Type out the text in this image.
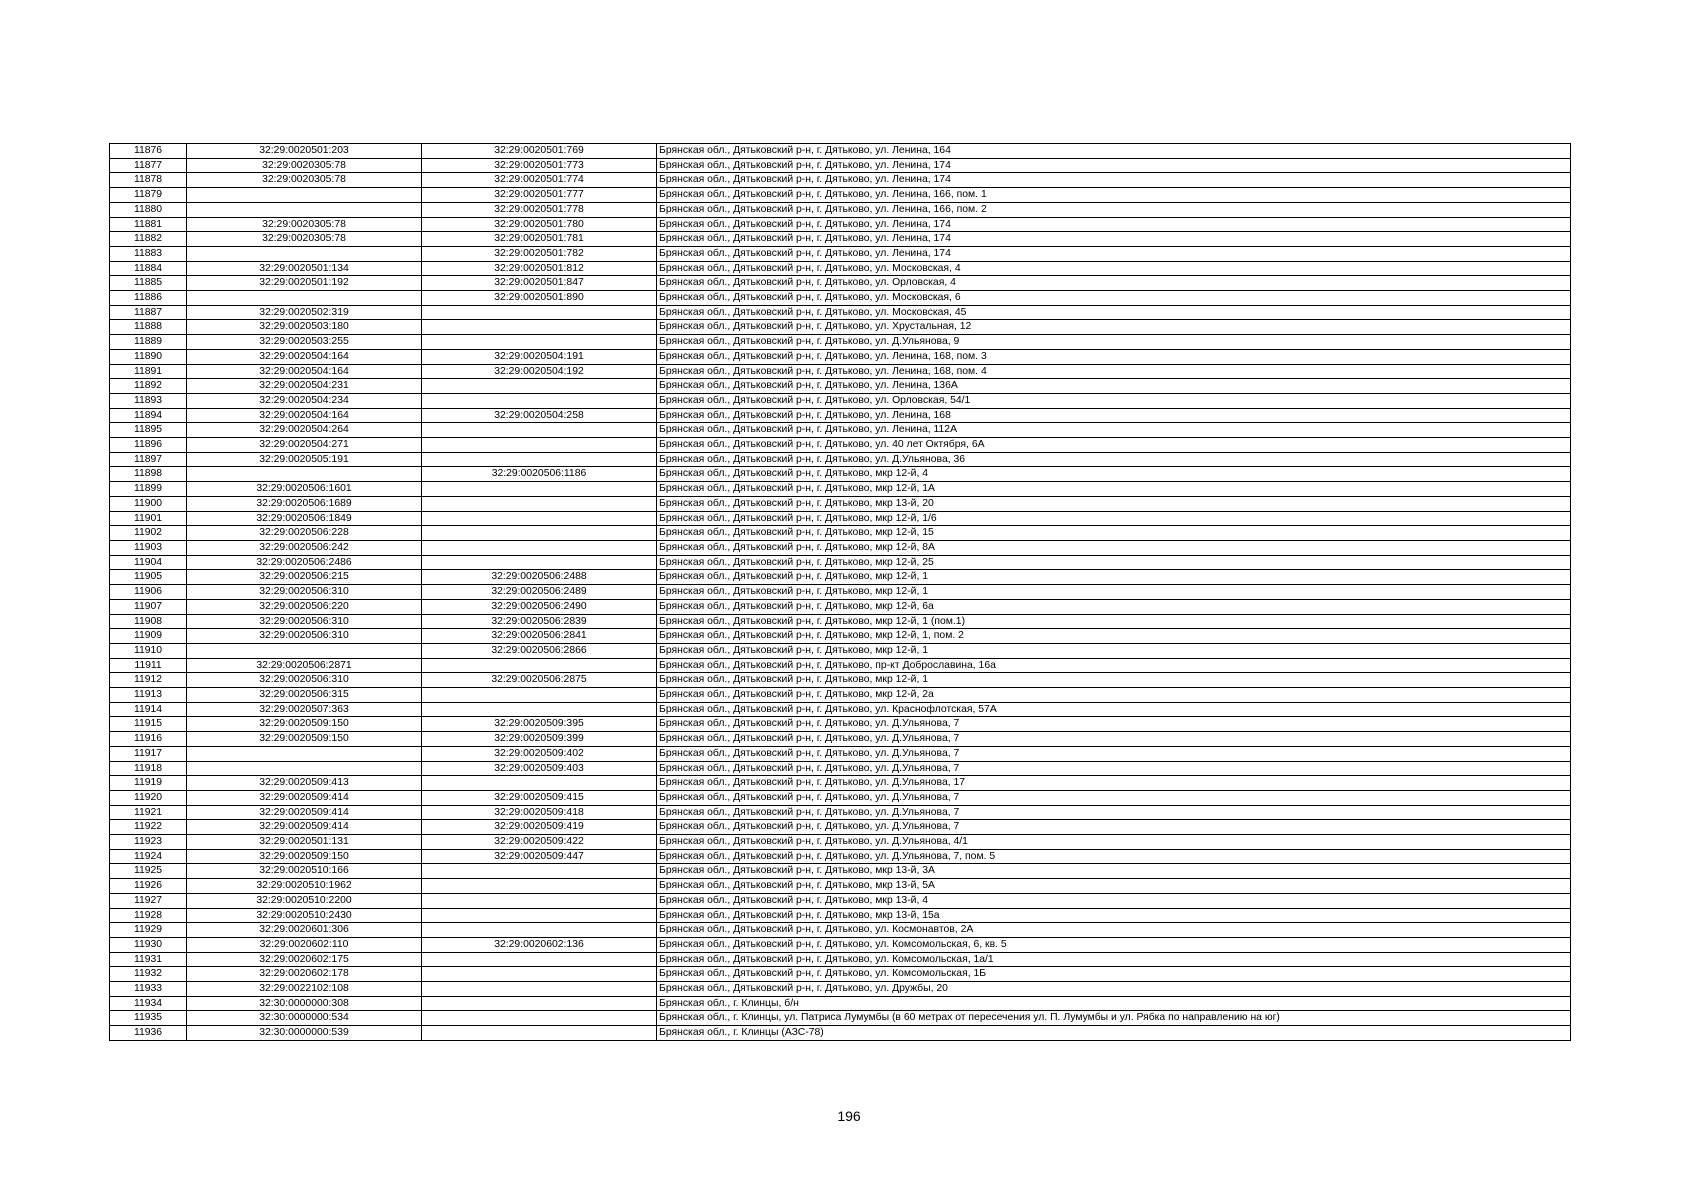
11876	32:29:0020501:203	32:29:0020501:769	Брянская обл., Дятьковский р-н, г. Дятьково, ул. Ленина, 164
11877	32:29:0020305:78	32:29:0020501:773	Брянская обл., Дятьковский р-н, г. Дятьково, ул. Ленина, 174
11878	32:29:0020305:78	32:29:0020501:774	Брянская обл., Дятьковский р-н, г. Дятьково, ул. Ленина, 174
11879		32:29:0020501:777	Брянская обл., Дятьковский р-н, г. Дятьково, ул. Ленина, 166, пом. 1
11880		32:29:0020501:778	Брянская обл., Дятьковский р-н, г. Дятьково, ул. Ленина, 166, пом. 2
11881	32:29:0020305:78	32:29:0020501:780	Брянская обл., Дятьковский р-н, г. Дятьково, ул. Ленина, 174
11882	32:29:0020305:78	32:29:0020501:781	Брянская обл., Дятьковский р-н, г. Дятьково, ул. Ленина, 174
11883		32:29:0020501:782	Брянская обл., Дятьковский р-н, г. Дятьково, ул. Ленина, 174
11884	32:29:0020501:134	32:29:0020501:812	Брянская обл., Дятьковский р-н, г. Дятьково, ул. Московская, 4
11885	32:29:0020501:192	32:29:0020501:847	Брянская обл., Дятьковский р-н, г. Дятьково, ул. Орловская, 4
11886		32:29:0020501:890	Брянская обл., Дятьковский р-н, г. Дятьково, ул. Московская, 6
11887	32:29:0020502:319		Брянская обл., Дятьковский р-н, г. Дятьково, ул. Московская, 45
11888	32:29:0020503:180		Брянская обл., Дятьковский р-н, г. Дятьково, ул. Хрустальная, 12
11889	32:29:0020503:255		Брянская обл., Дятьковский р-н, г. Дятьково, ул. Д.Ульянова, 9
11890	32:29:0020504:164	32:29:0020504:191	Брянская обл., Дятьковский р-н, г. Дятьково, ул. Ленина, 168, пом. 3
11891	32:29:0020504:164	32:29:0020504:192	Брянская обл., Дятьковский р-н, г. Дятьково, ул. Ленина, 168, пом. 4
11892	32:29:0020504:231		Брянская обл., Дятьковский р-н, г. Дятьково, ул. Ленина, 136А
11893	32:29:0020504:234		Брянская обл., Дятьковский р-н, г. Дятьково, ул. Орловская, 54/1
11894	32:29:0020504:164	32:29:0020504:258	Брянская обл., Дятьковский р-н, г. Дятьково, ул. Ленина, 168
11895	32:29:0020504:264		Брянская обл., Дятьковский р-н, г. Дятьково, ул. Ленина, 112А
11896	32:29:0020504:271		Брянская обл., Дятьковский р-н, г. Дятьково, ул. 40 лет Октября, 6А
11897	32:29:0020505:191		Брянская обл., Дятьковский р-н, г. Дятьково, ул. Д.Ульянова, 36
11898		32:29:0020506:1186	Брянская обл., Дятьковский р-н, г. Дятьково, мкр 12-й, 4
11899	32:29:0020506:1601		Брянская обл., Дятьковский р-н, г. Дятьково, мкр 12-й, 1А
11900	32:29:0020506:1689		Брянская обл., Дятьковский р-н, г. Дятьково, мкр 13-й, 20
11901	32:29:0020506:1849		Брянская обл., Дятьковский р-н, г. Дятьково, мкр 12-й, 1/6
11902	32:29:0020506:228		Брянская обл., Дятьковский р-н, г. Дятьково, мкр 12-й, 15
11903	32:29:0020506:242		Брянская обл., Дятьковский р-н, г. Дятьково, мкр 12-й, 8А
11904	32:29:0020506:2486		Брянская обл., Дятьковский р-н, г. Дятьково, мкр 12-й, 25
11905	32:29:0020506:215	32:29:0020506:2488	Брянская обл., Дятьковский р-н, г. Дятьково, мкр 12-й, 1
11906	32:29:0020506:310	32:29:0020506:2489	Брянская обл., Дятьковский р-н, г. Дятьково, мкр 12-й, 1
11907	32:29:0020506:220	32:29:0020506:2490	Брянская обл., Дятьковский р-н, г. Дятьково, мкр 12-й, 6а
11908	32:29:0020506:310	32:29:0020506:2839	Брянская обл., Дятьковский р-н, г. Дятьково, мкр 12-й, 1 (пом.1)
11909	32:29:0020506:310	32:29:0020506:2841	Брянская обл., Дятьковский р-н, г. Дятьково, мкр 12-й, 1, пом. 2
11910		32:29:0020506:2866	Брянская обл., Дятьковский р-н, г. Дятьково, мкр 12-й, 1
11911	32:29:0020506:2871		Брянская обл., Дятьковский р-н, г. Дятьково, пр-кт Доброславина, 16а
11912	32:29:0020506:310	32:29:0020506:2875	Брянская обл., Дятьковский р-н, г. Дятьково, мкр 12-й, 1
11913	32:29:0020506:315		Брянская обл., Дятьковский р-н, г. Дятьково, мкр 12-й, 2а
11914	32:29:0020507:363		Брянская обл., Дятьковский р-н, г. Дятьково, ул. Краснофлотская, 57А
11915	32:29:0020509:150	32:29:0020509:395	Брянская обл., Дятьковский р-н, г. Дятьково, ул. Д.Ульянова, 7
11916	32:29:0020509:150	32:29:0020509:399	Брянская обл., Дятьковский р-н, г. Дятьково, ул. Д.Ульянова, 7
11917		32:29:0020509:402	Брянская обл., Дятьковский р-н, г. Дятьково, ул. Д.Ульянова, 7
11918		32:29:0020509:403	Брянская обл., Дятьковский р-н, г. Дятьково, ул. Д.Ульянова, 7
11919	32:29:0020509:413		Брянская обл., Дятьковский р-н, г. Дятьково, ул. Д.Ульянова, 17
11920	32:29:0020509:414	32:29:0020509:415	Брянская обл., Дятьковский р-н, г. Дятьково, ул. Д.Ульянова, 7
11921	32:29:0020509:414	32:29:0020509:418	Брянская обл., Дятьковский р-н, г. Дятьково, ул. Д.Ульянова, 7
11922	32:29:0020509:414	32:29:0020509:419	Брянская обл., Дятьковский р-н, г. Дятьково, ул. Д.Ульянова, 7
11923	32:29:0020501:131	32:29:0020509:422	Брянская обл., Дятьковский р-н, г. Дятьково, ул. Д.Ульянова, 4/1
11924	32:29:0020509:150	32:29:0020509:447	Брянская обл., Дятьковский р-н, г. Дятьково, ул. Д.Ульянова, 7, пом. 5
11925	32:29:0020510:166		Брянская обл., Дятьковский р-н, г. Дятьково, мкр 13-й, 3А
11926	32:29:0020510:1962		Брянская обл., Дятьковский р-н, г. Дятьково, мкр 13-й, 5А
11927	32:29:0020510:2200		Брянская обл., Дятьковский р-н, г. Дятьково, мкр 13-й, 4
11928	32:29:0020510:2430		Брянская обл., Дятьковский р-н, г. Дятьково, мкр 13-й, 15а
11929	32:29:0020601:306		Брянская обл., Дятьковский р-н, г. Дятьково, ул. Космонавтов, 2А
11930	32:29:0020602:110	32:29:0020602:136	Брянская обл., Дятьковский р-н, г. Дятьково, ул. Комсомольская, 6, кв. 5
11931	32:29:0020602:175		Брянская обл., Дятьковский р-н, г. Дятьково, ул. Комсомольская, 1а/1
11932	32:29:0020602:178		Брянская обл., Дятьковский р-н, г. Дятьково, ул. Комсомольская, 1Б
11933	32:29:0022102:108		Брянская обл., Дятьковский р-н, г. Дятьково, ул. Дружбы, 20
11934	32:30:0000000:308		Брянская обл., г. Клинцы, б/н
11935	32:30:0000000:534		Брянская обл., г. Клинцы, ул. Патриса Лумумбы (в 60 метрах от пересечения ул. П. Лумумбы и ул. Рябка по направлению на юг)
11936	32:30:0000000:539		Брянская обл., г. Клинцы (АЗС-78)
196
